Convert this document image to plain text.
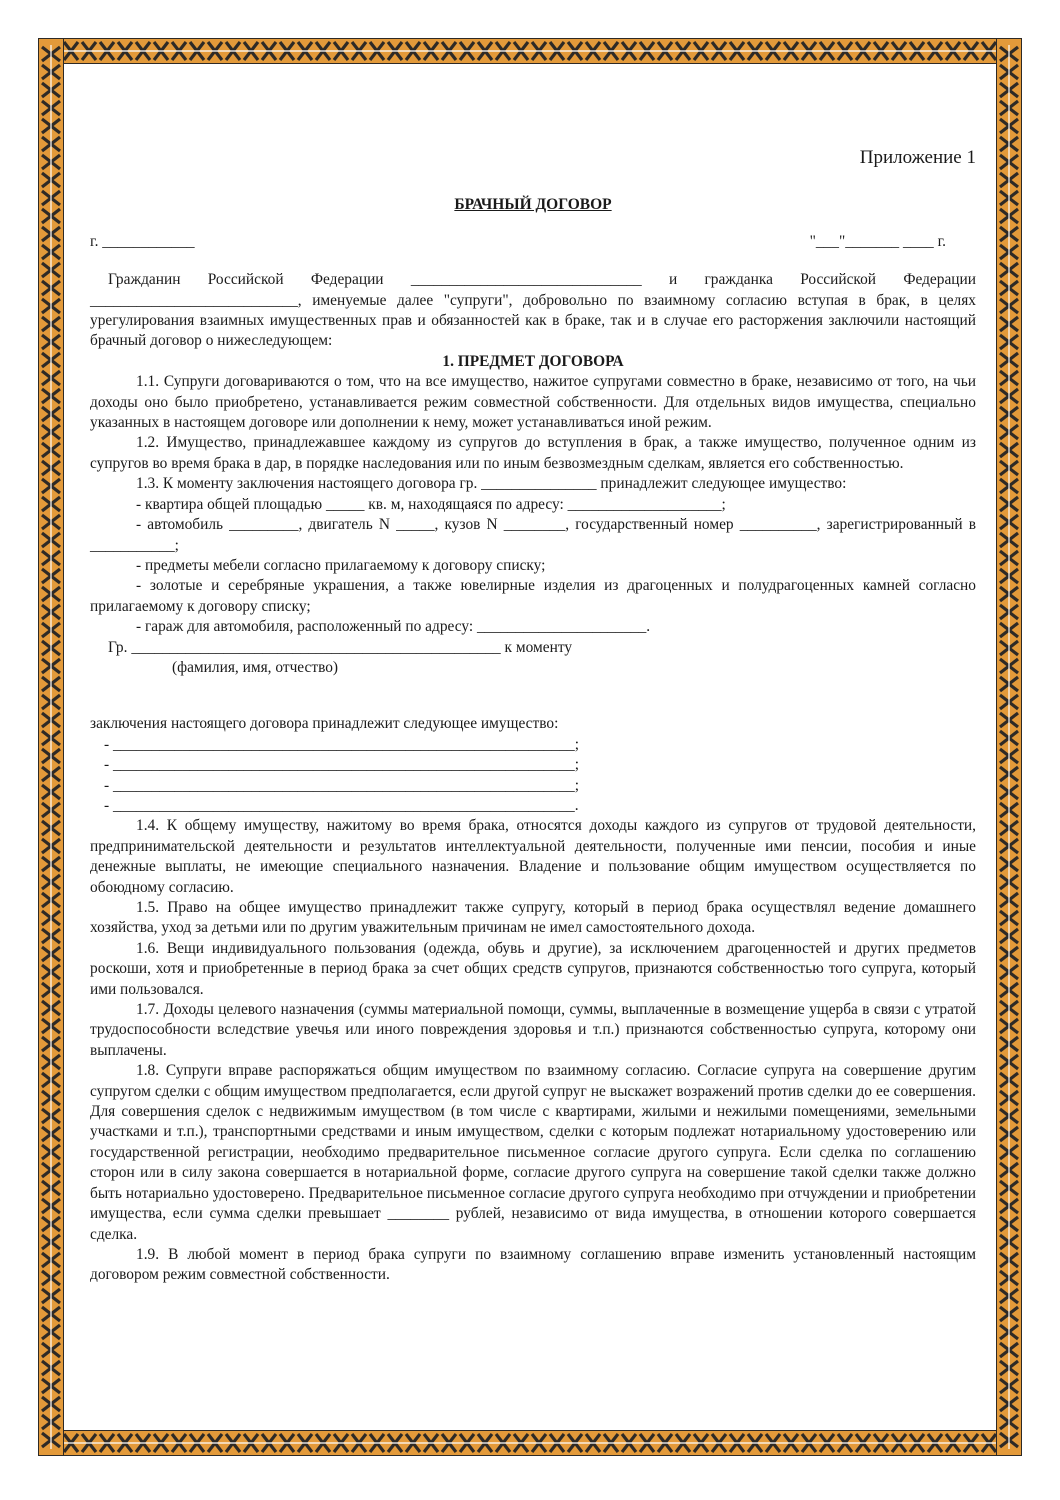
Приложение 1
БРАЧНЫЙ ДОГОВОР
г. ____________	"___"_______ ____ г.

Гражданин Российской Федерации ______________________________ и гражданка Российской Федерации ___________________________, именуемые далее "супруги", добровольно по взаимному согласию вступая в брак, в целях урегулирования взаимных имущественных прав и обязанностей как в браке, так и в случае его расторжения заключили настоящий брачный договор о нижеследующем:

1. ПРЕДМЕТ ДОГОВОРА

1.1. Супруги договариваются о том, что на все имущество, нажитое супругами совместно в браке, независимо от того, на чьи доходы оно было приобретено, устанавливается режим совместной собственности. Для отдельных видов имущества, специально указанных в настоящем договоре или дополнении к нему, может устанавливаться иной режим.

1.2. Имущество, принадлежавшее каждому из супругов до вступления в брак, а также имущество, полученное одним из супругов во время брака в дар, в порядке наследования или по иным безвозмездным сделкам, является его собственностью.

1.3. К моменту заключения настоящего договора гр. _______________ принадлежит следующее имущество:

- квартира общей площадью _____ кв. м, находящаяся по адресу: ____________________;

- автомобиль _________, двигатель N _____, кузов N ________, государственный номер __________, зарегистрированный в ___________;

- предметы мебели согласно прилагаемому к договору списку;

- золотые и серебряные украшения, а также ювелирные изделия из драгоценных и полудрагоценных камней согласно прилагаемому к договору списку;

- гараж для автомобиля, расположенный по адресу: ______________________.

Гр. ________________________________________________ к моменту

(фамилия, имя, отчество)

заключения настоящего договора принадлежит следующее имущество:

- ____________________________________________________________;

- ____________________________________________________________;

- ____________________________________________________________;

- ____________________________________________________________.

1.4. К общему имуществу, нажитому во время брака, относятся доходы каждого из супругов от трудовой деятельности, предпринимательской деятельности и результатов интеллектуальной деятельности, полученные ими пенсии, пособия и иные денежные выплаты, не имеющие специального назначения. Владение и пользование общим имуществом осуществляется по обоюдному согласию.

1.5. Право на общее имущество принадлежит также супругу, который в период брака осуществлял ведение домашнего хозяйства, уход за детьми или по другим уважительным причинам не имел самостоятельного дохода.

1.6. Вещи индивидуального пользования (одежда, обувь и другие), за исключением драгоценностей и других предметов роскоши, хотя и приобретенные в период брака за счет общих средств супругов, признаются собственностью того супруга, который ими пользовался.

1.7. Доходы целевого назначения (суммы материальной помощи, суммы, выплаченные в возмещение ущерба в связи с утратой трудоспособности вследствие увечья или иного повреждения здоровья и т.п.) признаются собственностью супруга, которому они выплачены.

1.8. Супруги вправе распоряжаться общим имуществом по взаимному согласию. Согласие супруга на совершение другим супругом сделки с общим имуществом предполагается, если другой супруг не выскажет возражений против сделки до ее совершения. Для совершения сделок с недвижимым имуществом (в том числе с квартирами, жилыми и нежилыми помещениями, земельными участками и т.п.), транспортными средствами и иным имуществом, сделки с которым подлежат нотариальному удостоверению или государственной регистрации, необходимо предварительное письменное согласие другого супруга. Если сделка по соглашению сторон или в силу закона совершается в нотариальной форме, согласие другого супруга на совершение такой сделки также должно быть нотариально удостоверено. Предварительное письменное согласие другого супруга необходимо при отчуждении и приобретении имущества, если сумма сделки превышает ________ рублей, независимо от вида имущества, в отношении которого совершается сделка.

1.9. В любой момент в период брака супруги по взаимному соглашению вправе изменить установленный настоящим договором режим совместной собственности.
